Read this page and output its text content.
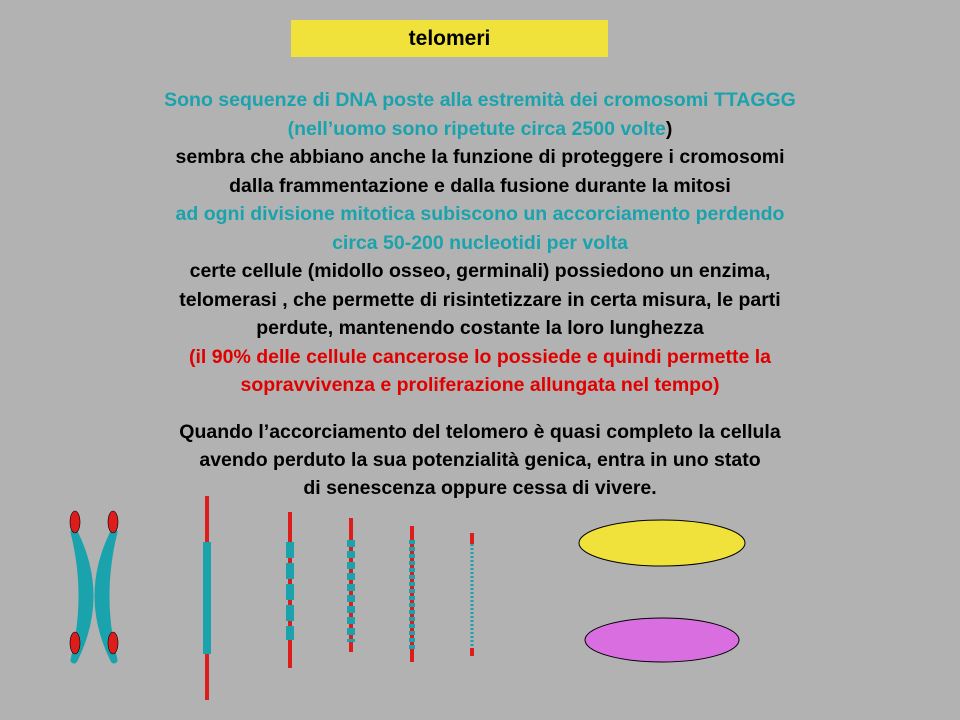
telomeri
Sono sequenze di DNA poste alla estremità dei cromosomi TTAGGG
(nell’uomo sono ripetute circa 2500 volte)
sembra che abbiano anche la funzione di proteggere i cromosomi
dalla frammentazione e dalla fusione durante la mitosi
ad ogni divisione mitotica subiscono un accorciamento perdendo
circa 50-200 nucleotidi per volta
certe cellule (midollo osseo, germinali) possiedono un enzima,
telomerasi , che permette di risintetizzare in certa misura, le parti
perdute, mantenendo costante la loro lunghezza
(il 90% delle cellule cancerose lo possiede e quindi permette la
sopravvivenza e proliferazione allungata nel tempo)
Quando l’accorciamento del telomero è quasi completo la cellula
avendo perduto la sua potenzialità genica, entra in uno stato
di senescenza oppure cessa di vivere.
